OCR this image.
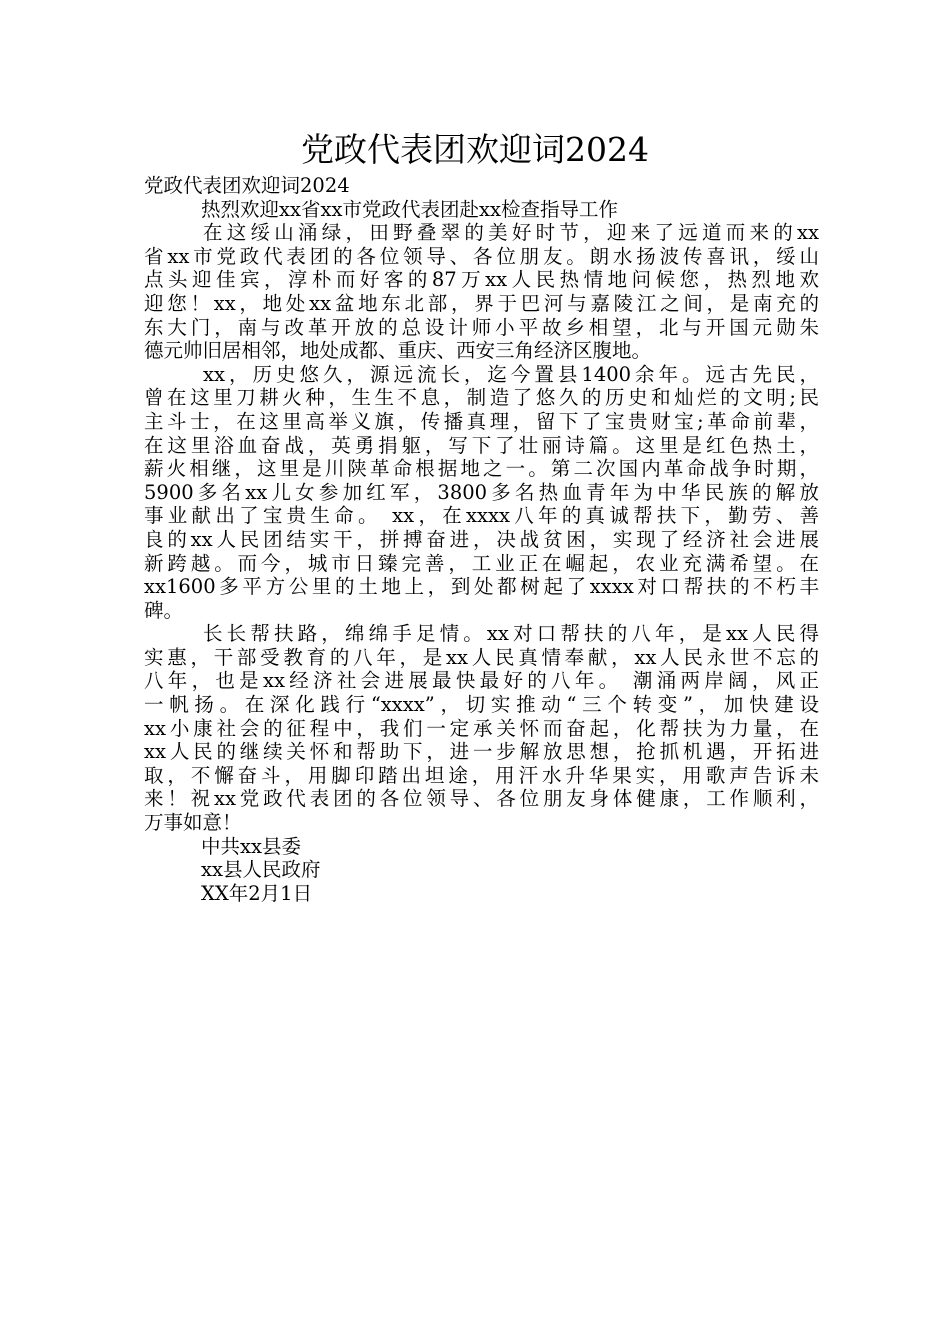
党政代表团欢迎词2024
党政代表团欢迎词2024
热烈欢迎xx省xx市党政代表团赴xx检查指导工作
在这绥山涌绿，田野叠翠的美好时节，迎来了远道而来的xx
省xx市党政代表团的各位领导、各位朋友。朗水扬波传喜讯，绥山
点头迎佳宾，淳朴而好客的87万xx人民热情地问候您，热烈地欢
迎您！xx，地处xx盆地东北部，界于巴河与嘉陵江之间，是南充的
东大门，南与改革开放的总设计师小平故乡相望，北与开国元勋朱
德元帅旧居相邻，地处成都、重庆、西安三角经济区腹地。
xx，历史悠久，源远流长，迄今置县1400余年。远古先民，
曾在这里刀耕火种，生生不息，制造了悠久的历史和灿烂的文明;民
主斗士，在这里高举义旗，传播真理，留下了宝贵财宝;革命前辈，
在这里浴血奋战，英勇捐躯，写下了壮丽诗篇。这里是红色热土，
薪火相继，这里是川陕革命根据地之一。第二次国内革命战争时期，
5900多名xx儿女参加红军，3800多名热血青年为中华民族的解放
事业献出了宝贵生命。 xx，在xxxx八年的真诚帮扶下，勤劳、善
良的xx人民团结实干，拼搏奋进，决战贫困，实现了经济社会进展
新跨越。而今，城市日臻完善，工业正在崛起，农业充满希望。在
xx1600多平方公里的土地上，到处都树起了xxxx对口帮扶的不朽丰
碑。
长长帮扶路，绵绵手足情。xx对口帮扶的八年，是xx人民得
实惠，干部受教育的八年，是xx人民真情奉献，xx人民永世不忘的
八年，也是xx经济社会进展最快最好的八年。 潮涌两岸阔，风正
一帆扬。在深化践行“xxxx”，切实推动“三个转变”，加快建设
xx小康社会的征程中，我们一定承关怀而奋起，化帮扶为力量，在
xx人民的继续关怀和帮助下，进一步解放思想，抢抓机遇，开拓进
取，不懈奋斗，用脚印踏出坦途，用汗水升华果实，用歌声告诉未
来！祝xx党政代表团的各位领导、各位朋友身体健康，工作顺利，
万事如意！
中共xx县委
xx县人民政府
XX年2月1日
